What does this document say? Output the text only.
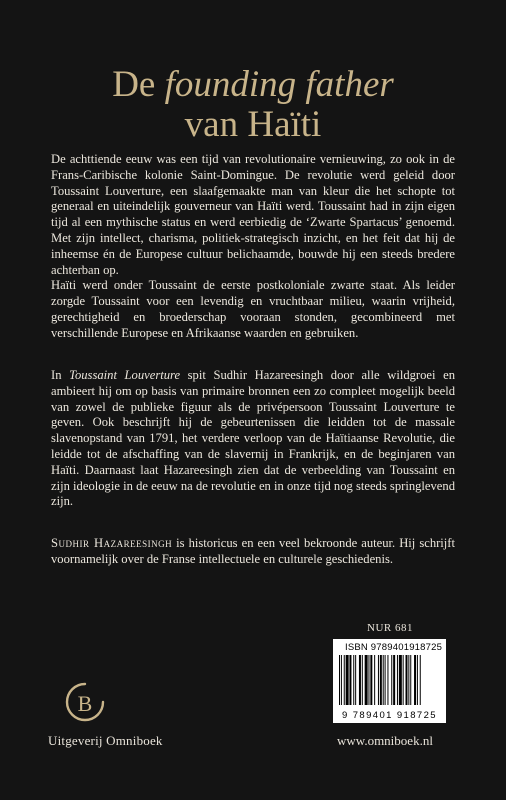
De founding father
van Haïti

De achttiende eeuw was een tijd van revolutionaire vernieuwing, zo ook in de Frans-Caribische kolonie Saint-Domingue. De revolutie werd geleid door Toussaint Louverture, een slaafgemaakte man van kleur die het schopte tot generaal en uiteindelijk gouverneur van Haïti werd. Toussaint had in zijn eigen tijd al een mythische status en werd eerbiedig de ‘Zwarte Spartacus’ genoemd. Met zijn intellect, charisma, politiek-strategisch inzicht, en het feit dat hij de inheemse én de Europese cultuur belichaamde, bouwde hij een steeds bredere achterban op.

Haïti werd onder Toussaint de eerste postkoloniale zwarte staat. Als leider zorgde Toussaint voor een levendig en vruchtbaar milieu, waarin vrijheid, gerechtigheid en broederschap vooraan stonden, gecombineerd met verschillende Europese en Afrikaanse waarden en gebruiken.

In Toussaint Louverture spit Sudhir Hazareesingh door alle wildgroei en ambieert hij om op basis van primaire bronnen een zo compleet mogelijk beeld van zowel de publieke figuur als de privépersoon Toussaint Louverture te geven. Ook beschrijft hij de gebeurtenissen die leidden tot de massale slavenopstand van 1791, het verdere verloop van de Haïtiaanse Revolutie, die leidde tot de afschaffing van de slavernij in Frankrijk, en de beginjaren van Haïti. Daarnaast laat Hazareesingh zien dat de verbeelding van Toussaint en zijn ideologie in de eeuw na de revolutie en in onze tijd nog steeds springlevend zijn.

Sudhir Hazareesingh is historicus en een veel bekroonde auteur. Hij schrijft voornamelijk over de Franse intellectuele en culturele geschiedenis.

NUR 681
ISBN 9789401918725
9 789401 918725
B
Uitgeverij Omniboek	www.omniboek.nl
